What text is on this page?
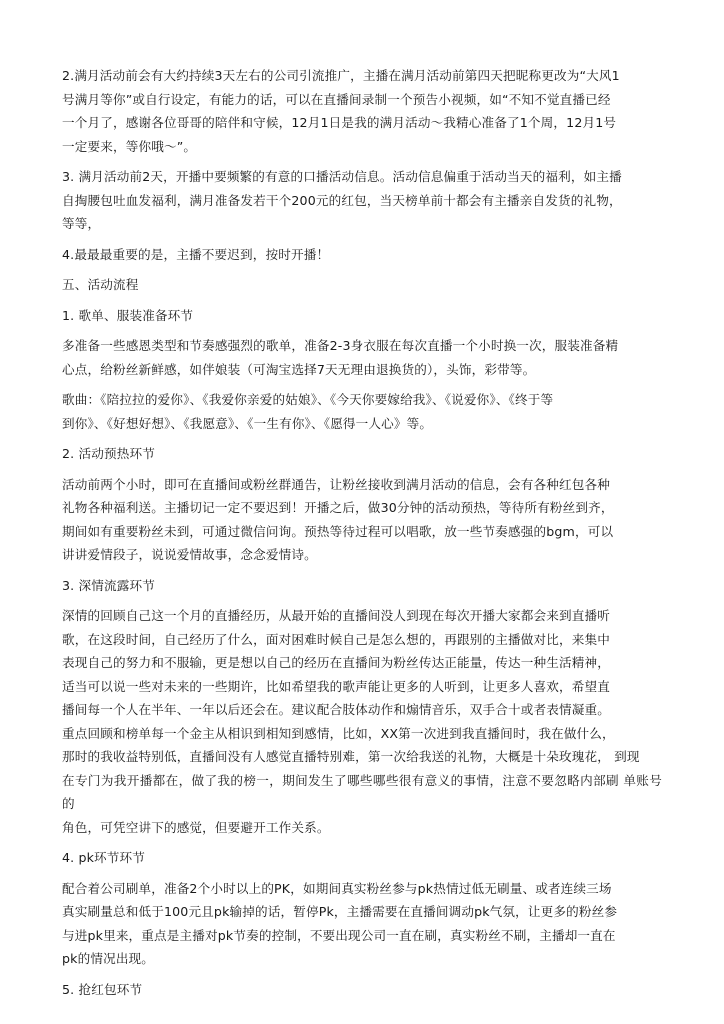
2.满月活动前会有大约持续3天左右的公司引流推广，主播在满月活动前第四天把昵称更改为“大风1
号满月等你”或自行设定，有能力的话，可以在直播间录制一个预告小视频，如“不知不觉直播已经
一个月了，感谢各位哥哥的陪伴和守候，12月1日是我的满月活动～我精心准备了1个周，12月1号
一定要来，等你哦～”。

3. 满月活动前2天，开播中要频繁的有意的口播活动信息。活动信息偏重于活动当天的福利，如主播
自掏腰包吐血发福利，满月准备发若干个200元的红包，当天榜单前十都会有主播亲自发货的礼物，
等等，

4.最最最重要的是，主播不要迟到，按时开播！

五、活动流程
1. 歌单、服装准备环节

多准备一些感恩类型和节奏感强烈的歌单，准备2-3身衣服在每次直播一个小时换一次，服装准备精
心点，给粉丝新鲜感，如伴娘装（可淘宝选择7天无理由退换货的），头饰，彩带等。

歌曲：《陪拉拉的爱你》、《我爱你亲爱的姑娘》、《今天你要嫁给我》、《说爱你》、《终于等
到你》、《好想好想》、《我愿意》、《一生有你》、《愿得一人心》等。

2. 活动预热环节

活动前两个小时，即可在直播间或粉丝群通告，让粉丝接收到满月活动的信息，会有各种红包各种
礼物各种福利送。主播切记一定不要迟到！开播之后，做30分钟的活动预热，等待所有粉丝到齐，
期间如有重要粉丝未到，可通过微信问询。预热等待过程可以唱歌，放一些节奏感强的bgm，可以
讲讲爱情段子，说说爱情故事，念念爱情诗。

3. 深情流露环节

深情的回顾自己这一个月的直播经历，从最开始的直播间没人到现在每次开播大家都会来到直播听
歌，在这段时间，自己经历了什么，面对困难时候自己是怎么想的，再跟别的主播做对比，来集中
表现自己的努力和不服输，更是想以自己的经历在直播间为粉丝传达正能量，传达一种生活精神，
适当可以说一些对未来的一些期许，比如希望我的歌声能让更多的人听到，让更多人喜欢，希望直
播间每一个人在半年、一年以后还会在。建议配合肢体动作和煽情音乐，双手合十或者表情凝重。
重点回顾和榜单每一个金主从相识到相知到感情，比如，XX第一次进到我直播间时，我在做什么，
那时的我收益特别低，直播间没有人感觉直播特别难，第一次给我送的礼物，大概是十朵玫瑰花， 到现
在专门为我开播都在，做了我的榜一，期间发生了哪些哪些很有意义的事情，注意不要忽略内部刷 单账号的
角色，可凭空讲下的感觉，但要避开工作关系。

4. pk环节环节

配合着公司刷单，准备2个小时以上的PK，如期间真实粉丝参与pk热情过低无刷量、或者连续三场
真实刷量总和低于100元且pk输掉的话，暂停Pk，主播需要在直播间调动pk气氛，让更多的粉丝参
与进pk里来，重点是主播对pk节奏的控制，不要出现公司一直在刷，真实粉丝不刷，主播却一直在
pk的情况出现。

5. 抢红包环节
